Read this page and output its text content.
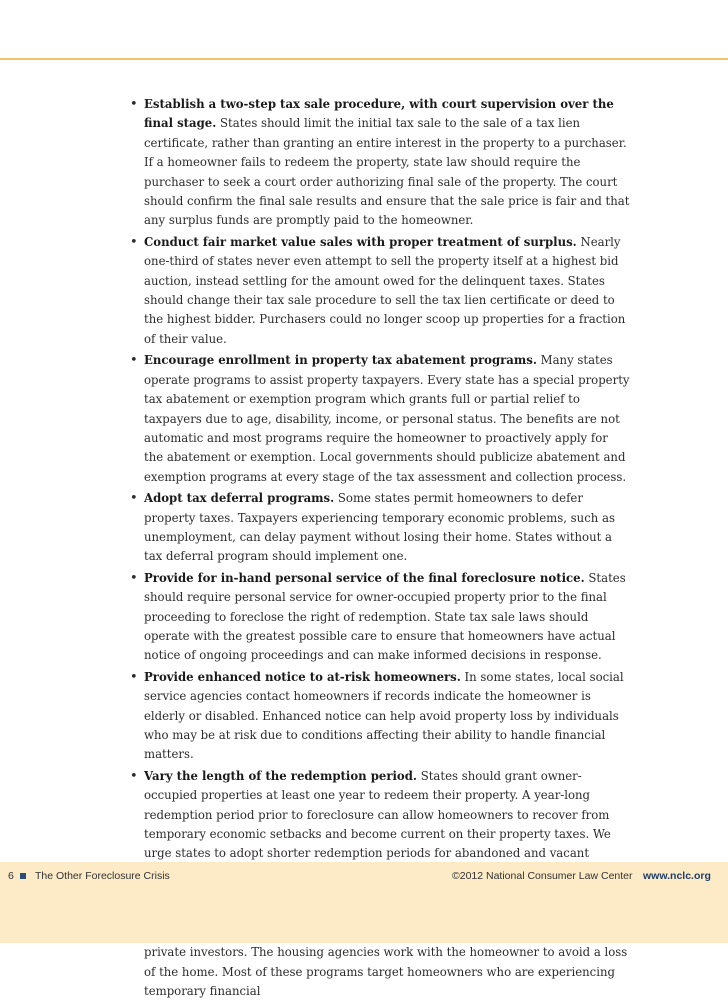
• Establish a two-step tax sale procedure, with court supervision over the final stage. States should limit the initial tax sale to the sale of a tax lien certificate, rather than granting an entire interest in the property to a purchaser. If a homeowner fails to redeem the property, state law should require the purchaser to seek a court order authorizing final sale of the property. The court should confirm the final sale results and ensure that the sale price is fair and that any surplus funds are promptly paid to the homeowner.
• Conduct fair market value sales with proper treatment of surplus. Nearly one-third of states never even attempt to sell the property itself at a highest bid auction, instead settling for the amount owed for the delinquent taxes. States should change their tax sale procedure to sell the tax lien certificate or deed to the highest bidder. Purchasers could no longer scoop up properties for a fraction of their value.
• Encourage enrollment in property tax abatement programs. Many states operate programs to assist property taxpayers. Every state has a special property tax abatement or exemption program which grants full or partial relief to taxpayers due to age, disability, income, or personal status. The benefits are not automatic and most programs require the homeowner to proactively apply for the abatement or exemption. Local governments should publicize abatement and exemption programs at every stage of the tax assessment and collection process.
• Adopt tax deferral programs. Some states permit homeowners to defer property taxes. Taxpayers experiencing temporary economic problems, such as unemployment, can delay payment without losing their home. States without a tax deferral program should implement one.
• Provide for in-hand personal service of the final foreclosure notice. States should require personal service for owner-occupied property prior to the final proceeding to foreclose the right of redemption. State tax sale laws should operate with the greatest possible care to ensure that homeowners have actual notice of ongoing proceedings and can make informed decisions in response.
• Provide enhanced notice to at-risk homeowners. In some states, local social service agencies contact homeowners if records indicate the homeowner is elderly or disabled. Enhanced notice can help avoid property loss by individuals who may be at risk due to conditions affecting their ability to handle financial matters.
• Vary the length of the redemption period. States should grant owner-occupied properties at least one year to redeem their property. A year-long redemption period prior to foreclosure can allow homeowners to recover from temporary economic setbacks and become current on their property taxes. We urge states to adopt shorter redemption periods for abandoned and vacant
private investors. The housing agencies work with the homeowner to avoid a loss of the home. Most of these programs target homeowners who are experiencing temporary financial
6 The Other Foreclosure Crisis	©2012 National Consumer Law Center www.nclc.org
